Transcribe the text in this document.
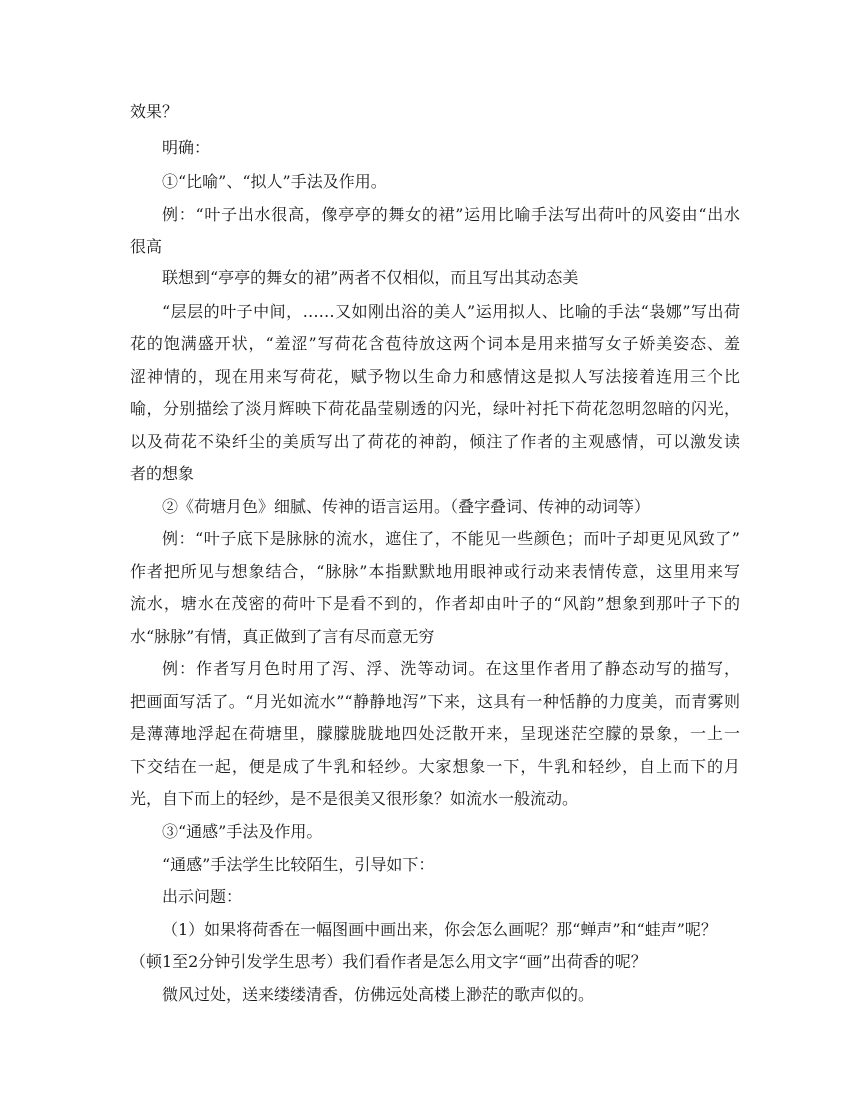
效果？
明确：
①“比喻”、“拟人”手法及作用。
例：“叶子出水很高，像亭亭的舞女的裙”运用比喻手法写出荷叶的风姿由“出水
很高
联想到“亭亭的舞女的裙”两者不仅相似，而且写出其动态美
“层层的叶子中间，……又如刚出浴的美人”运用拟人、比喻的手法“袅娜”写出荷
花的饱满盛开状，“羞涩”写荷花含苞待放这两个词本是用来描写女子娇美姿态、羞
涩神情的，现在用来写荷花，赋予物以生命力和感情这是拟人写法接着连用三个比
喻，分别描绘了淡月辉映下荷花晶莹剔透的闪光，绿叶衬托下荷花忽明忽暗的闪光，
以及荷花不染纤尘的美质写出了荷花的神韵，倾注了作者的主观感情，可以激发读
者的想象
②《荷塘月色》细腻、传神的语言运用。（叠字叠词、传神的动词等）
例：“叶子底下是脉脉的流水，遮住了，不能见一些颜色；而叶子却更见风致了”
作者把所见与想象结合，“脉脉”本指默默地用眼神或行动来表情传意，这里用来写
流水，塘水在茂密的荷叶下是看不到的，作者却由叶子的“风韵”想象到那叶子下的
水“脉脉”有情，真正做到了言有尽而意无穷
例：作者写月色时用了泻、浮、洗等动词。在这里作者用了静态动写的描写，
把画面写活了。“月光如流水”“静静地泻”下来，这具有一种恬静的力度美，而青雾则
是薄薄地浮起在荷塘里，朦朦胧胧地四处泛散开来，呈现迷茫空朦的景象，一上一
下交结在一起，便是成了牛乳和轻纱。大家想象一下，牛乳和轻纱，自上而下的月
光，自下而上的轻纱，是不是很美又很形象？如流水一般流动。
③“通感”手法及作用。
“通感”手法学生比较陌生，引导如下：
出示问题：
（1）如果将荷香在一幅图画中画出来，你会怎么画呢？那“蝉声”和“蛙声”呢？
（顿1至2分钟引发学生思考）我们看作者是怎么用文字“画”出荷香的呢？
微风过处，送来缕缕清香，仿佛远处高楼上渺茫的歌声似的。
